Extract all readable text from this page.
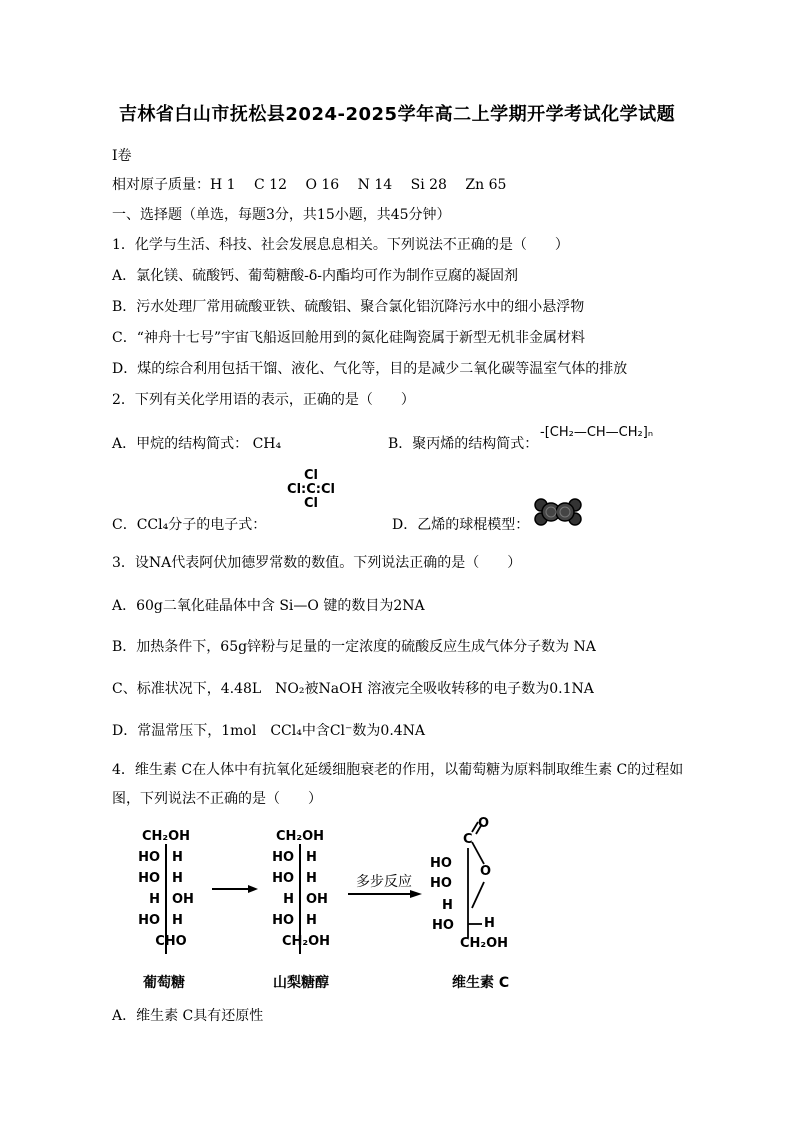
吉林省白山市抚松县2024-2025学年高二上学期开学考试化学试题
Ⅰ卷
相对原子质量：H 1　 C 12　 O 16　 N 14　 Si 28　 Zn 65
一、选择题（单选，每题3分，共15小题，共45分钟）
1．化学与生活、科技、社会发展息息相关。下列说法不正确的是（　　）
A．氯化镁、硫酸钙、葡萄糖酸-δ-内酯均可作为制作豆腐的凝固剂
B．污水处理厂常用硫酸亚铁、硫酸铝、聚合氯化铝沉降污水中的细小悬浮物
C．“神舟十七号”宇宙飞船返回舱用到的氮化硅陶瓷属于新型无机非金属材料
D．煤的综合利用包括干馏、液化、气化等，目的是减少二氧化碳等温室气体的排放
2．下列有关化学用语的表示，正确的是（　　）
A．甲烷的结构简式： CH₄	B．聚丙烯的结构简式：
-[CH₂—CH—CH₂]ₙ
C．CCl₄分子的电子式：
Cl
Cl:C:Cl
Cl
D．乙烯的球棍模型：
3．设NA代表阿伏加德罗常数的数值。下列说法正确的是（　　）
A．60g二氧化硅晶体中含 Si—O 键的数目为2NA
B．加热条件下，65g锌粉与足量的一定浓度的硫酸反应生成气体分子数为 NA
C、标准状况下，4.48L　NO₂被NaOH 溶液完全吸收转移的电子数为0.1NA
D．常温常压下，1mol　CCl₄中含Cl⁻数为0.4NA
4．维生素 C在人体中有抗氧化延缓细胞衰老的作用，以葡萄糖为原料制取维生素 C的过程如
图，下列说法不正确的是（　　）
CH₂OH
HO H
HO H
H OH
HO H
CHO
葡萄糖
CH₂OH
HO H
HO H
H OH
HO H
CH₂OH
山梨糖醇
多步反应
O
C
HO
O
HO
H
HO H
CH₂OH
维生素 C
A．维生素 C具有还原性
